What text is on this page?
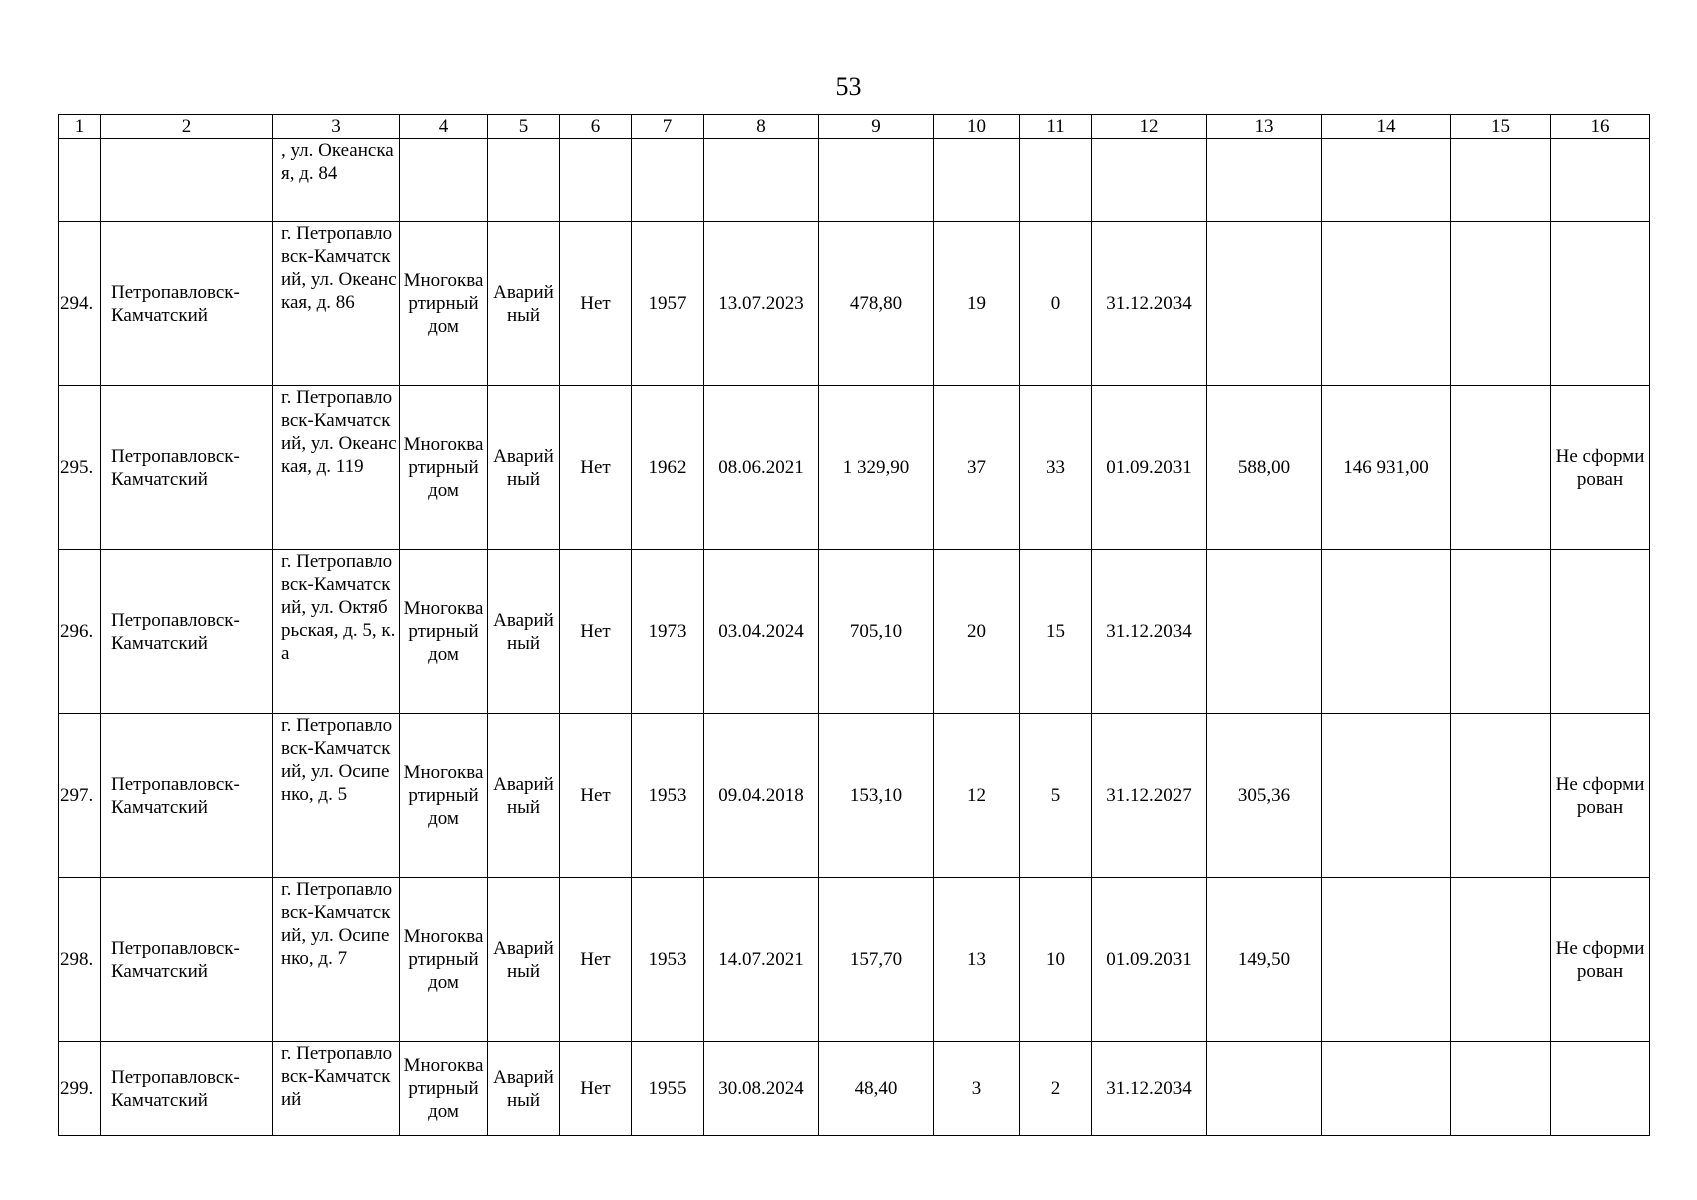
53
1	2	3	4	5	6	7	8	9	10	11	12	13	14	15	16
		, ул. Океанская, д. 84													
294.	Петропавловск-Камчатский	г. Петропавловск-Камчатский, ул. Океанская, д. 86	Многоквартирный дом	Аварийный	Нет	1957	13.07.2023	478,80	19	0	31.12.2034				
295.	Петропавловск-Камчатский	г. Петропавловск-Камчатский, ул. Океанская, д. 119	Многоквартирный дом	Аварийный	Нет	1962	08.06.2021	1 329,90	37	33	01.09.2031	588,00	146 931,00		Не сформирован
296.	Петропавловск-Камчатский	г. Петропавловск-Камчатский, ул. Октябрьская, д. 5, к. а	Многоквартирный дом	Аварийный	Нет	1973	03.04.2024	705,10	20	15	31.12.2034				
297.	Петропавловск-Камчатский	г. Петропавловск-Камчатский, ул. Осипенко, д. 5	Многоквартирный дом	Аварийный	Нет	1953	09.04.2018	153,10	12	5	31.12.2027	305,36			Не сформирован
298.	Петропавловск-Камчатский	г. Петропавловск-Камчатский, ул. Осипенко, д. 7	Многоквартирный дом	Аварийный	Нет	1953	14.07.2021	157,70	13	10	01.09.2031	149,50			Не сформирован
299.	Петропавловск-Камчатский	г. Петропавловск-Камчатский	Многоквартирный дом	Аварийный	Нет	1955	30.08.2024	48,40	3	2	31.12.2034				
